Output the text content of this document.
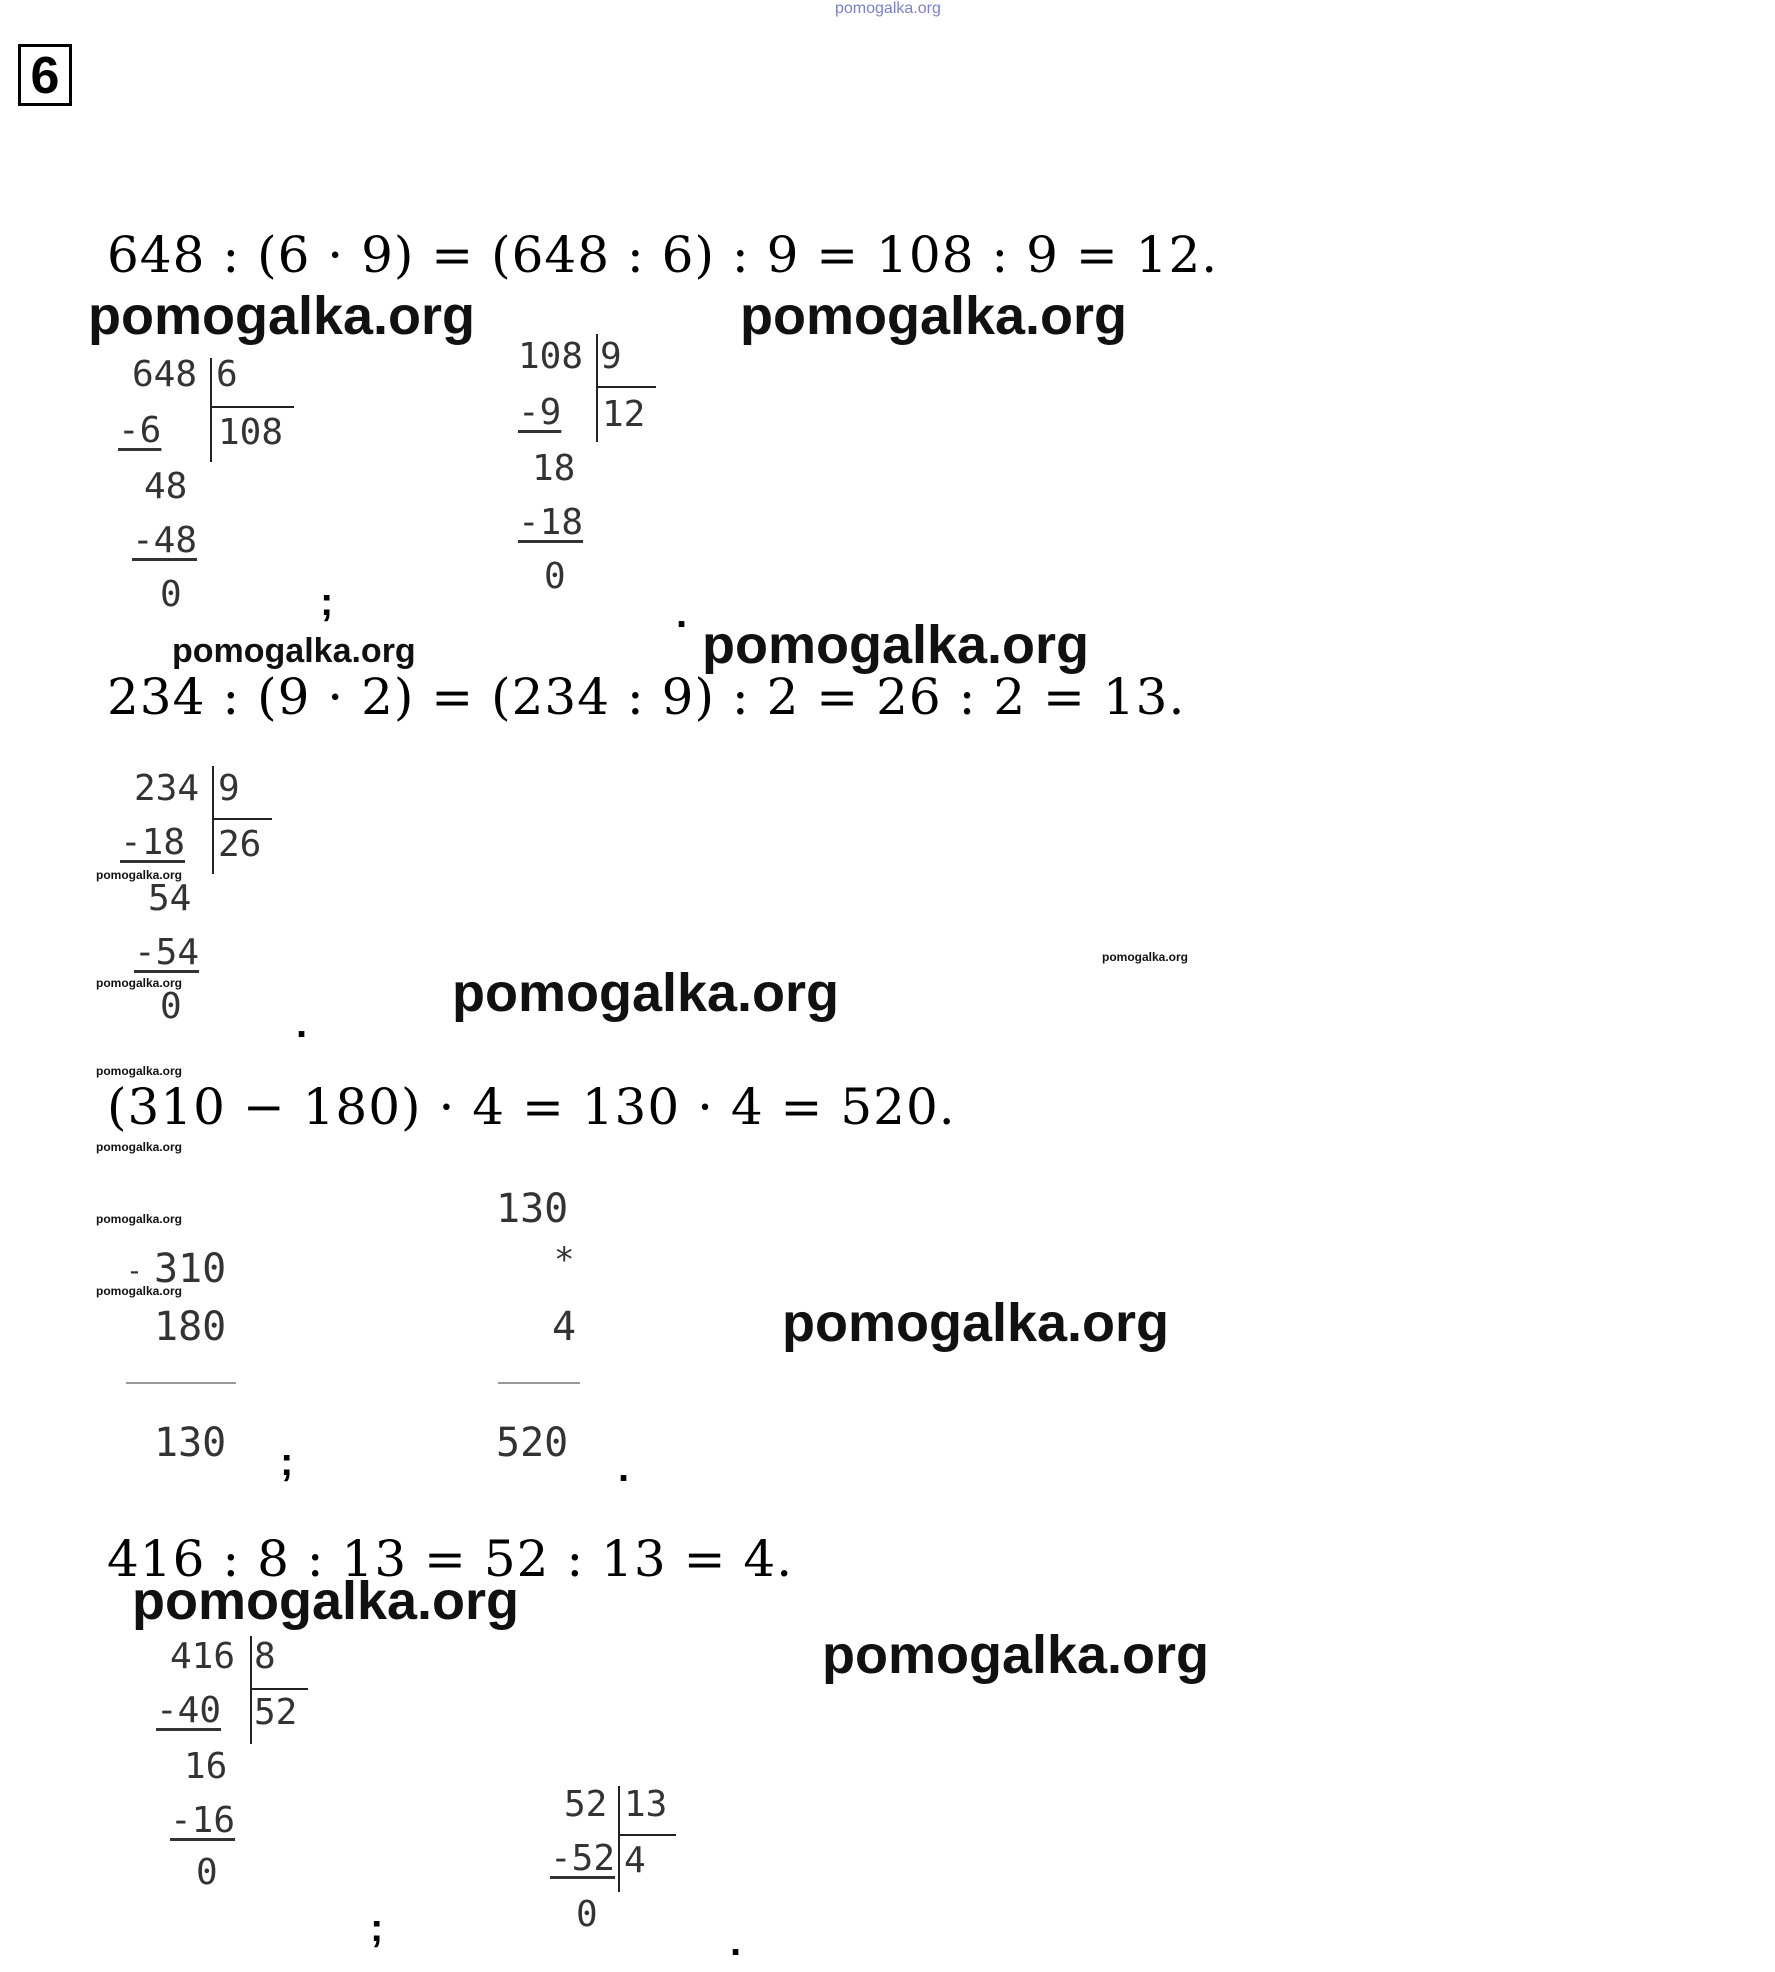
pomogalka.org
6
648 : (6 · 9) = (648 : 6) : 9 = 108 : 9 = 12.
pomogalka.org	pomogalka.org
648 6
-6 108
48
-48
0	;
108 9
-9 12
18
-18
0
.
pomogalka.org	pomogalka.org
234 : (9 · 2) = (234 : 9) : 2 = 26 : 2 = 13.
234 9
-18 26
54
-54
0	.
pomogalka.org
pomogalka.org
pomogalka.org
pomogalka.org
pomogalka.org
(310 − 180) · 4 = 130 · 4 = 520.
pomogalka.org
pomogalka.org
- 310
pomogalka.org
180
130 ;
130
*
4
520
.
pomogalka.org
416 : 8 : 13 = 52 : 13 = 4.
pomogalka.org
pomogalka.org
416 8
-40 52
16
-16
0
;
52 13
-52 4
0
.
